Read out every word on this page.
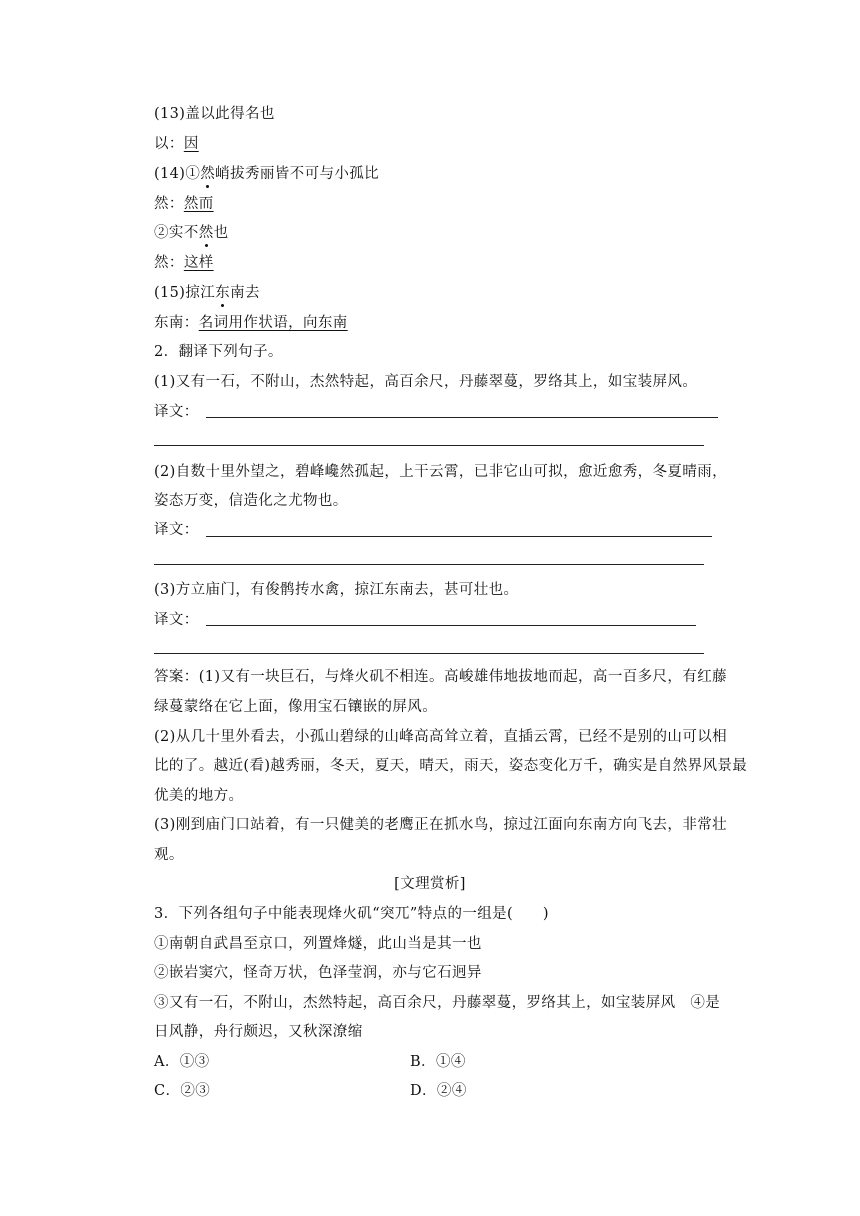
(13)盖以此得名也
以：因
(14)①然峭拔秀丽皆不可与小孤比
然：然而
②实不然也
然：这样
(15)掠江东南去
东南：名词用作状语，向东南
2．翻译下列句子。
(1)又有一石，不附山，杰然特起，高百余尺，丹藤翠蔓，罗络其上，如宝装屏风。
译文：
(2)自数十里外望之，碧峰巉然孤起，上干云霄，已非它山可拟，愈近愈秀，冬夏晴雨，
姿态万变，信造化之尤物也。
译文：
(3)方立庙门，有俊鹘抟水禽，掠江东南去，甚可壮也。
译文：
答案：(1)又有一块巨石，与烽火矶不相连。高峻雄伟地拔地而起，高一百多尺，有红藤
绿蔓蒙络在它上面，像用宝石镶嵌的屏风。
(2)从几十里外看去，小孤山碧绿的山峰高高耸立着，直插云霄，已经不是别的山可以相
比的了。越近(看)越秀丽，冬天，夏天，晴天，雨天，姿态变化万千，确实是自然界风景最
优美的地方。
(3)刚到庙门口站着，有一只健美的老鹰正在抓水鸟，掠过江面向东南方向飞去，非常壮
观。
[文理赏析]
3．下列各组句子中能表现烽火矶“突兀”特点的一组是(　　)
①南朝自武昌至京口，列置烽燧，此山当是其一也
②嵌岩窦穴，怪奇万状，色泽莹润，亦与它石迥异
③又有一石，不附山，杰然特起，高百余尺，丹藤翠蔓，罗络其上，如宝装屏风　④是
日风静，舟行颇迟，又秋深潦缩
A．①③	B．①④
C．②③	D．②④
